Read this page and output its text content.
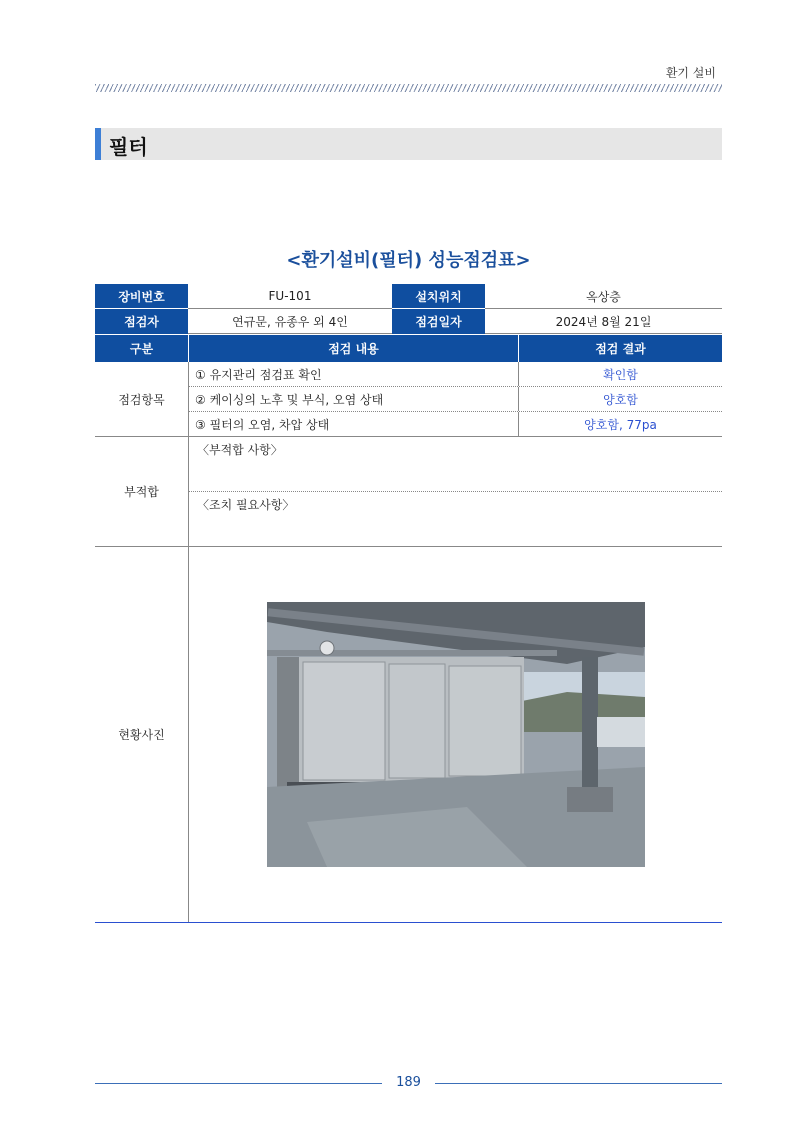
환기 설비
필터
<환기설비(필터) 성능점검표>
장비번호	FU-101	설치위치	옥상층
점검자	연규문, 유종우 외 4인	점검일자	2024년 8월 21일
구분	점검 내용	점검 결과
점검항목
① 유지관리 점검표 확인	확인함
② 케이싱의 노후 및 부식, 오염 상태	양호함
③ 필터의 오염, 차압 상태	양호함, 77pa
부적합
〈부적합 사항〉
〈조치 필요사항〉
현황사진
189
